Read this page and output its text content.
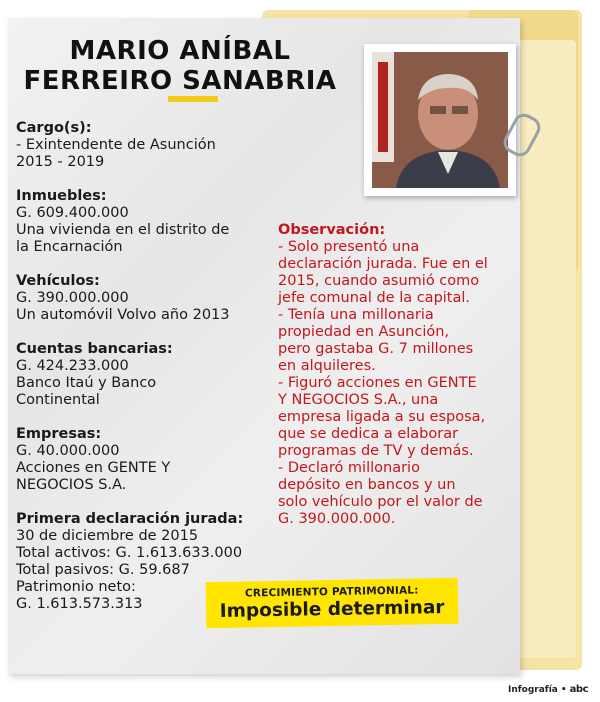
MARIO ANÍBAL
FERREIRO SANABRIA
Cargo(s):
- Exintendente de Asunción
2015 - 2019
Inmuebles:
G. 609.400.000
Una vivienda en el distrito de
la Encarnación
Vehículos:
G. 390.000.000
Un automóvil Volvo año 2013
Cuentas bancarias:
G. 424.233.000
Banco Itaú y Banco
Continental
Empresas:
G. 40.000.000
Acciones en GENTE Y
NEGOCIOS S.A.
Primera declaración jurada:
30 de diciembre de 2015
Total activos: G. 1.613.633.000
Total pasivos: G. 59.687
Patrimonio neto:
G. 1.613.573.313
Observación:
- Solo presentó una
declaración jurada. Fue en el
2015, cuando asumió como
jefe comunal de la capital.
- Tenía una millonaria
propiedad en Asunción,
pero gastaba G. 7 millones
en alquileres.
- Figuró acciones en GENTE
Y NEGOCIOS S.A., una
empresa ligada a su esposa,
que se dedica a elaborar
programas de TV y demás.
- Declaró millonario
depósito en bancos y un
solo vehículo por el valor de
G. 390.000.000.
CRECIMIENTO PATRIMONIAL:
Imposible determinar
Infografía • abc
